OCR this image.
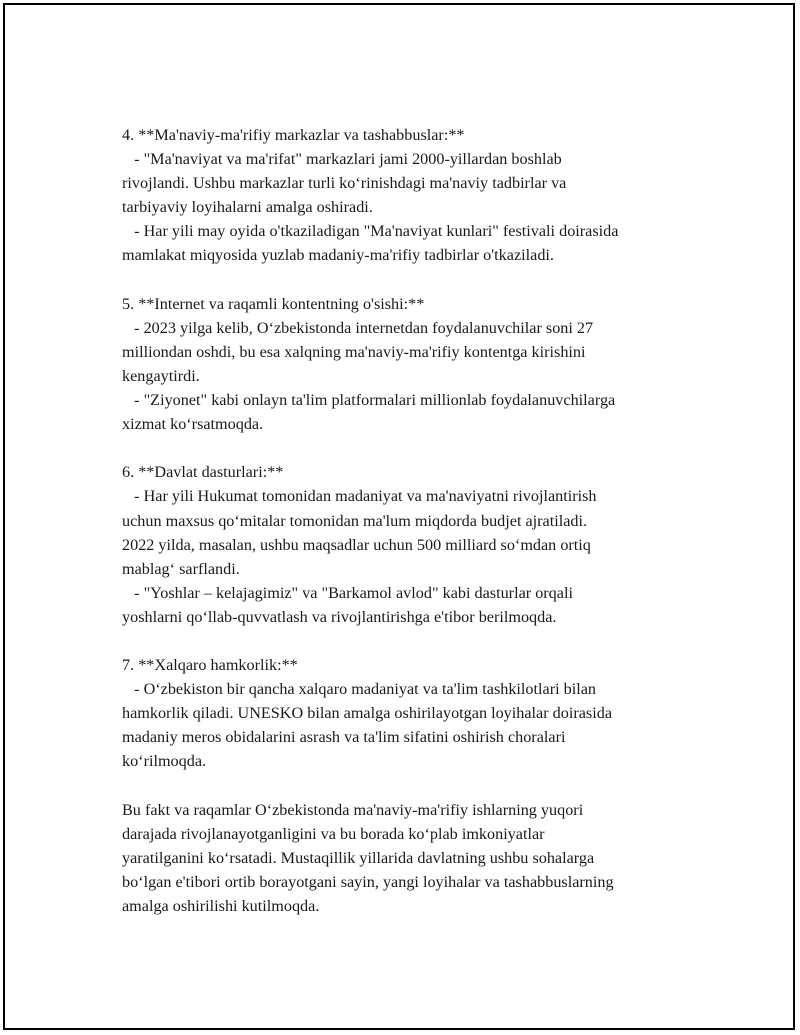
4. **Ma'naviy-ma'rifiy markazlar va tashabbuslar:**
- "Ma'naviyat va ma'rifat" markazlari jami 2000-yillardan boshlab
rivojlandi. Ushbu markazlar turli ko‘rinishdagi ma'naviy tadbirlar va
tarbiyaviy loyihalarni amalga oshiradi.
- Har yili may oyida o'tkaziladigan "Ma'naviyat kunlari" festivali doirasida
mamlakat miqyosida yuzlab madaniy-ma'rifiy tadbirlar o'tkaziladi.
5. **Internet va raqamli kontentning o'sishi:**
- 2023 yilga kelib, O‘zbekistonda internetdan foydalanuvchilar soni 27
milliondan oshdi, bu esa xalqning ma'naviy-ma'rifiy kontentga kirishini
kengaytirdi.
- "Ziyonet" kabi onlayn ta'lim platformalari millionlab foydalanuvchilarga
xizmat ko‘rsatmoqda.
6. **Davlat dasturlari:**
- Har yili Hukumat tomonidan madaniyat va ma'naviyatni rivojlantirish
uchun maxsus qo‘mitalar tomonidan ma'lum miqdorda budjet ajratiladi.
2022 yilda, masalan, ushbu maqsadlar uchun 500 milliard so‘mdan ortiq
mablag‘ sarflandi.
- "Yoshlar – kelajagimiz" va "Barkamol avlod" kabi dasturlar orqali
yoshlarni qo‘llab-quvvatlash va rivojlantirishga e'tibor berilmoqda.
7. **Xalqaro hamkorlik:**
- O‘zbekiston bir qancha xalqaro madaniyat va ta'lim tashkilotlari bilan
hamkorlik qiladi. UNESKO bilan amalga oshirilayotgan loyihalar doirasida
madaniy meros obidalarini asrash va ta'lim sifatini oshirish choralari
ko‘rilmoqda.
Bu fakt va raqamlar O‘zbekistonda ma'naviy-ma'rifiy ishlarning yuqori
darajada rivojlanayotganligini va bu borada ko‘plab imkoniyatlar
yaratilganini ko‘rsatadi. Mustaqillik yillarida davlatning ushbu sohalarga
bo‘lgan e'tibori ortib borayotgani sayin, yangi loyihalar va tashabbuslarning
amalga oshirilishi kutilmoqda.
